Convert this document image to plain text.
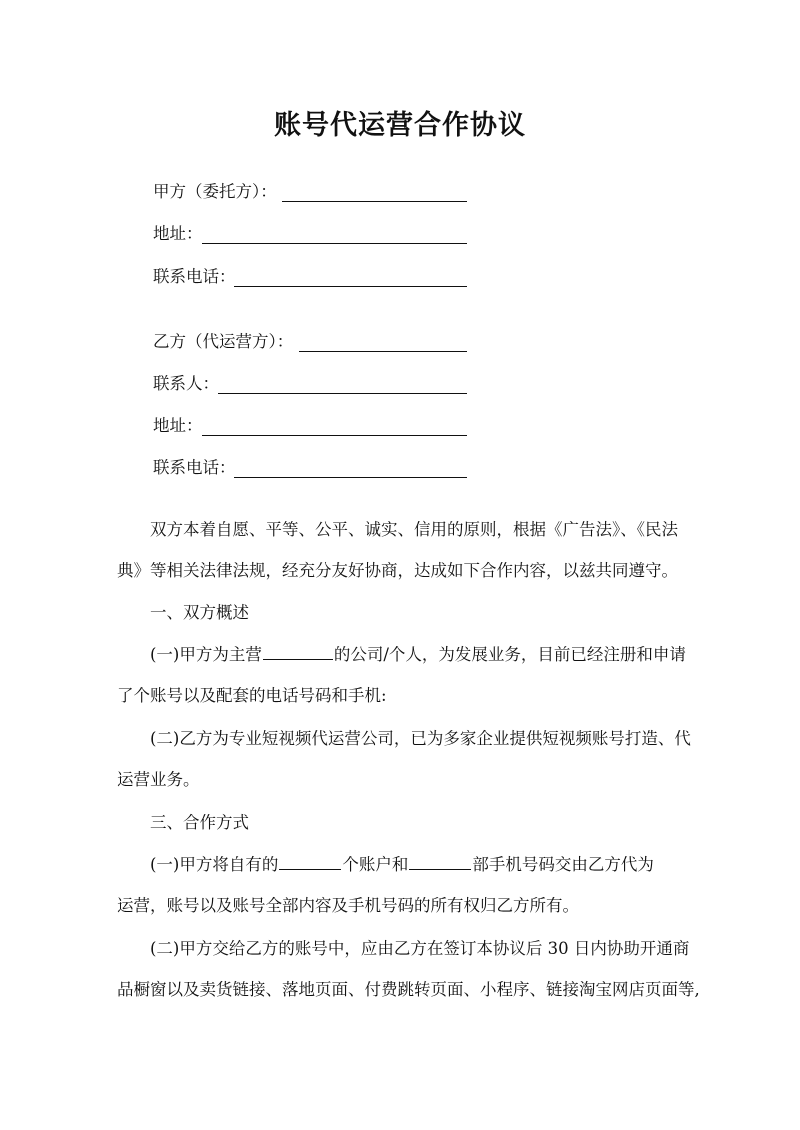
账号代运营合作协议
甲方（委托方）：
地址：
联系电话：
乙方（代运营方）：
联系人：
地址：
联系电话：
双方本着自愿、平等、公平、诚实、信用的原则，根据《广告法》、《民法
典》等相关法律法规，经充分友好协商，达成如下合作内容，以兹共同遵守。
一、双方概述
(一)甲方为主营	的公司/个人，为发展业务，目前已经注册和申请
了个账号以及配套的电话号码和手机:
(二)乙方为专业短视频代运营公司，已为多家企业提供短视频账号打造、代
运营业务。
三、合作方式
(一)甲方将自有的	个账户和	部手机号码交由乙方代为
运营，账号以及账号全部内容及手机号码的所有权归乙方所有。
(二)甲方交给乙方的账号中，应由乙方在签订本协议后 30 日内协助开通商
品橱窗以及卖货链接、落地页面、付费跳转页面、小程序、链接淘宝网店页面等,
